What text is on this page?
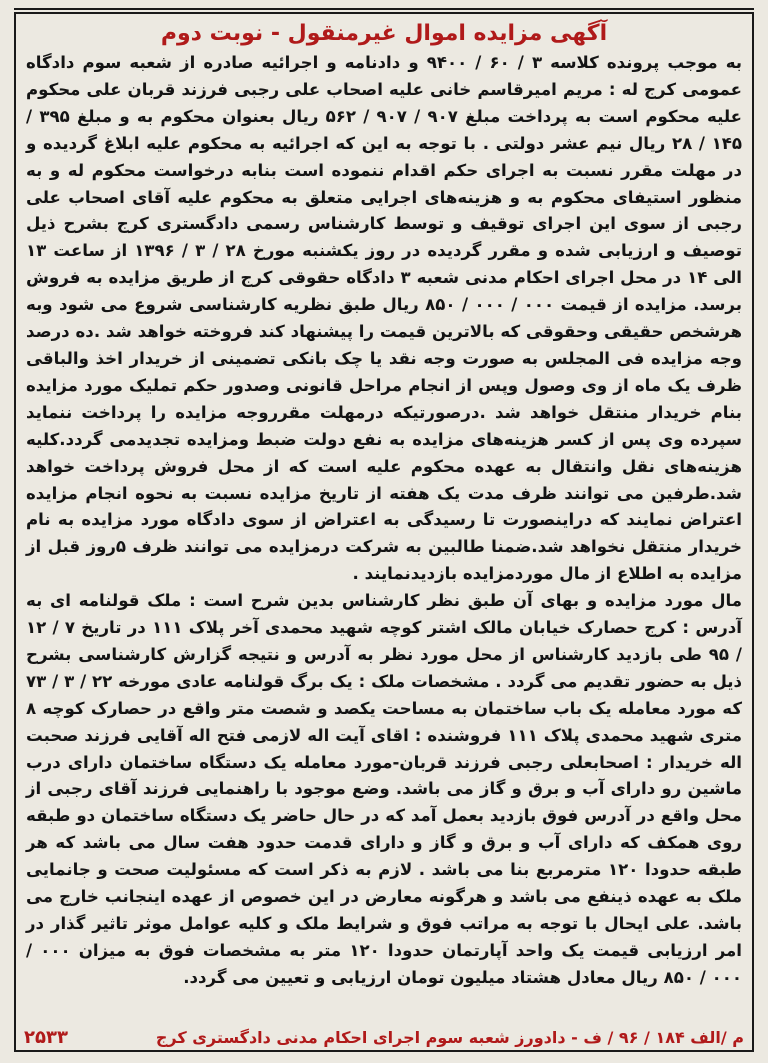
آگهی مزایده اموال غیرمنقول - نوبت دوم

به موجب پرونده کلاسه ۳ / ۶۰ / ۹۴۰۰ و دادنامه و اجرائیه صادره از شعبه سوم دادگاه عمومی کرج له : مریم امیرقاسم خانی علیه اصحاب علی رجبی فرزند قربان علی محکوم علیه محکوم است به پرداخت مبلغ ۹۰۷ / ۹۰۷ / ۵۶۲ ریال بعنوان محکوم به و مبلغ ۳۹۵ / ۱۴۵ / ۲۸ ریال نیم عشر دولتی . با توجه به این که اجرائیه به محکوم علیه ابلاغ گردیده و در مهلت مقرر نسبت به اجرای حکم اقدام ننموده است بنابه درخواست محکوم له و به منظور استیفای محکوم به و هزینه‌های اجرایی متعلق به محکوم علیه آقای اصحاب علی رجبی از سوی این اجرای توقیف و توسط کارشناس رسمی دادگستری کرج بشرح ذیل توصیف و ارزیابی شده و مقرر گردیده در روز یکشنبه مورخ ۲۸ / ۳ / ۱۳۹۶ از ساعت ۱۳ الی ۱۴ در محل اجرای احکام مدنی شعبه ۳ دادگاه حقوقی کرج از طریق مزایده به فروش برسد. مزایده از قیمت ۰۰۰ / ۰۰۰ / ۸۵۰ ریال طبق نظریه کارشناسی شروع می شود وبه هرشخص حقیقی وحقوقی که بالاترین قیمت را پیشنهاد کند فروخته خواهد شد .ده درصد وجه مزایده فی المجلس به صورت وجه نقد یا چک بانکی تضمینی از خریدار اخذ والباقی ظرف یک ماه از وی وصول وپس از انجام مراحل قانونی وصدور حکم تملیک مورد مزایده بنام خریدار منتقل خواهد شد .درصورتیکه درمهلت مقرروجه مزایده را پرداخت ننماید سپرده وی پس از کسر هزینه‌های مزایده به نفع دولت ضبط ومزایده تجدیدمی گردد.کلیه هزینه‌های نقل وانتقال به عهده محکوم علیه است که از محل فروش پرداخت خواهد شد.طرفین می توانند ظرف مدت یک هفته از تاریخ مزایده نسبت به نحوه انجام مزایده اعتراض نمایند که دراینصورت تا رسیدگی به اعتراض از سوی دادگاه مورد مزایده به نام خریدار منتقل نخواهد شد.ضمنا طالبین به شرکت درمزایده می توانند ظرف ۵روز قبل از مزایده به اطلاع از مال موردمزایده بازدیدنمایند .

مال مورد مزایده و بهای آن طبق نظر کارشناس بدین شرح است : ملک قولنامه ای به آدرس : کرج حصارک خیابان مالک اشتر کوچه شهید محمدی آخر پلاک ۱۱۱ در تاریخ ۷ / ۱۲ / ۹۵ طی بازدید کارشناس از محل مورد نظر به آدرس و نتیجه گزارش کارشناسی بشرح ذیل به حضور تقدیم می گردد . مشخصات ملک : یک برگ قولنامه عادی مورخه ۲۲ / ۳ / ۷۳ که مورد معامله یک باب ساختمان به مساحت یکصد و شصت متر واقع در حصارک کوچه ۸ متری شهید محمدی پلاک ۱۱۱ فروشنده : اقای آیت اله لازمی فتح اله آقایی فرزند صحبت اله خریدار : اصحابعلی رجبی فرزند قربان-مورد معامله یک دستگاه ساختمان دارای درب ماشین رو دارای آب و برق و گاز می باشد. وضع موجود با راهنمایی فرزند آقای رجبی از محل واقع در آدرس فوق بازدید بعمل آمد که در حال حاضر یک دستگاه ساختمان دو طبقه روی همکف که دارای آب و برق و گاز و دارای قدمت حدود هفت سال می باشد که هر طبقه حدودا ۱۲۰ مترمربع بنا می باشد . لازم به ذکر است که مسئولیت صحت و جانمایی ملک به عهده ذینفع می باشد و هرگونه معارض در این خصوص از عهده اینجانب خارج می باشد. علی ایحال با توجه به مراتب فوق و شرایط ملک و کلیه عوامل موثر تاثیر گذار در امر ارزیابی قیمت یک واحد آپارتمان حدودا ۱۲۰ متر به مشخصات فوق به میزان ۰۰۰ / ۰۰۰ / ۸۵۰ ریال معادل هشتاد میلیون تومان ارزیابی و تعیین می گردد.

م /الف ۱۸۴ / ۹۶ / ف - دادورز شعبه سوم اجرای احکام مدنی دادگستری کرج
۲۵۳۳
